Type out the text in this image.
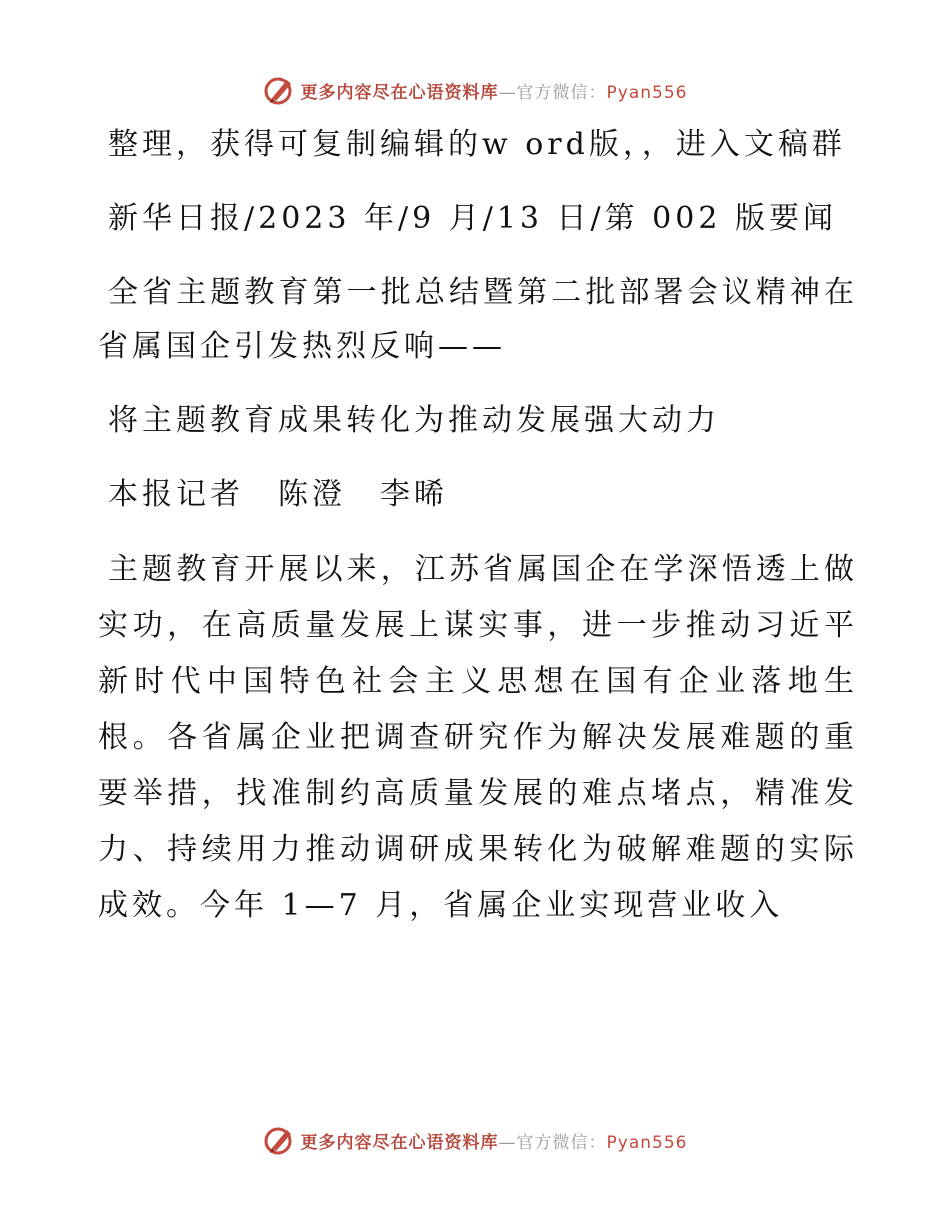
更多内容尽在心语资料库—官方微信：Pyan556

整理，获得可复制编辑的w ord版，，进入文稿群

新华日报/2023 年/9 月/13 日/第 002 版要闻

全省主题教育第一批总结暨第二批部署会议精神在省属国企引发热烈反响——

将主题教育成果转化为推动发展强大动力

本报记者　陈澄　李晞

主题教育开展以来，江苏省属国企在学深悟透上做实功，在高质量发展上谋实事，进一步推动习近平新时代中国特色社会主义思想在国有企业落地生根。各省属企业把调查研究作为解决发展难题的重要举措，找准制约高质量发展的难点堵点，精准发力、持续用力推动调研成果转化为破解难题的实际成效。今年 1—7 月，省属企业实现营业收入

更多内容尽在心语资料库—官方微信：Pyan556
